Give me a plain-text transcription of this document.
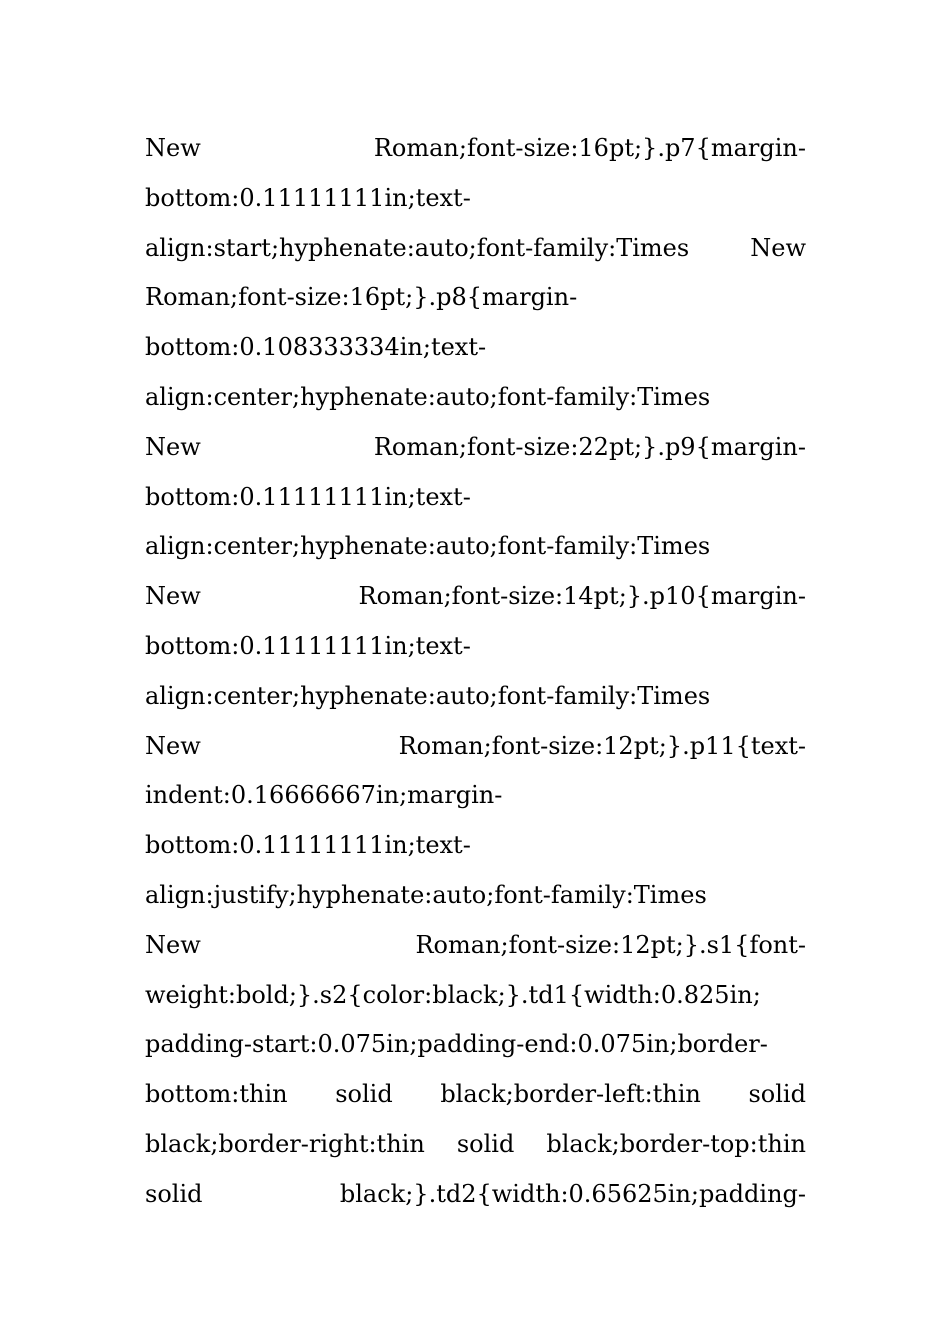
New	Roman;font-size:16pt;}.p7{margin-
bottom:0.11111111in;text-
align:start;hyphenate:auto;font-family:Times	New
Roman;font-size:16pt;}.p8{margin-
bottom:0.108333334in;text-
align:center;hyphenate:auto;font-family:Times
New	Roman;font-size:22pt;}.p9{margin-
bottom:0.11111111in;text-
align:center;hyphenate:auto;font-family:Times
New	Roman;font-size:14pt;}.p10{margin-
bottom:0.11111111in;text-
align:center;hyphenate:auto;font-family:Times
New	Roman;font-size:12pt;}.p11{text-
indent:0.16666667in;margin-
bottom:0.11111111in;text-
align:justify;hyphenate:auto;font-family:Times
New	Roman;font-size:12pt;}.s1{font-
weight:bold;}.s2{color:black;}.td1{width:0.825in;
padding-start:0.075in;padding-end:0.075in;border-
bottom:thin solid black;border-left:thin solid
black;border-right:thin solid black;border-top:thin
solid	black;}.td2{width:0.65625in;padding-
